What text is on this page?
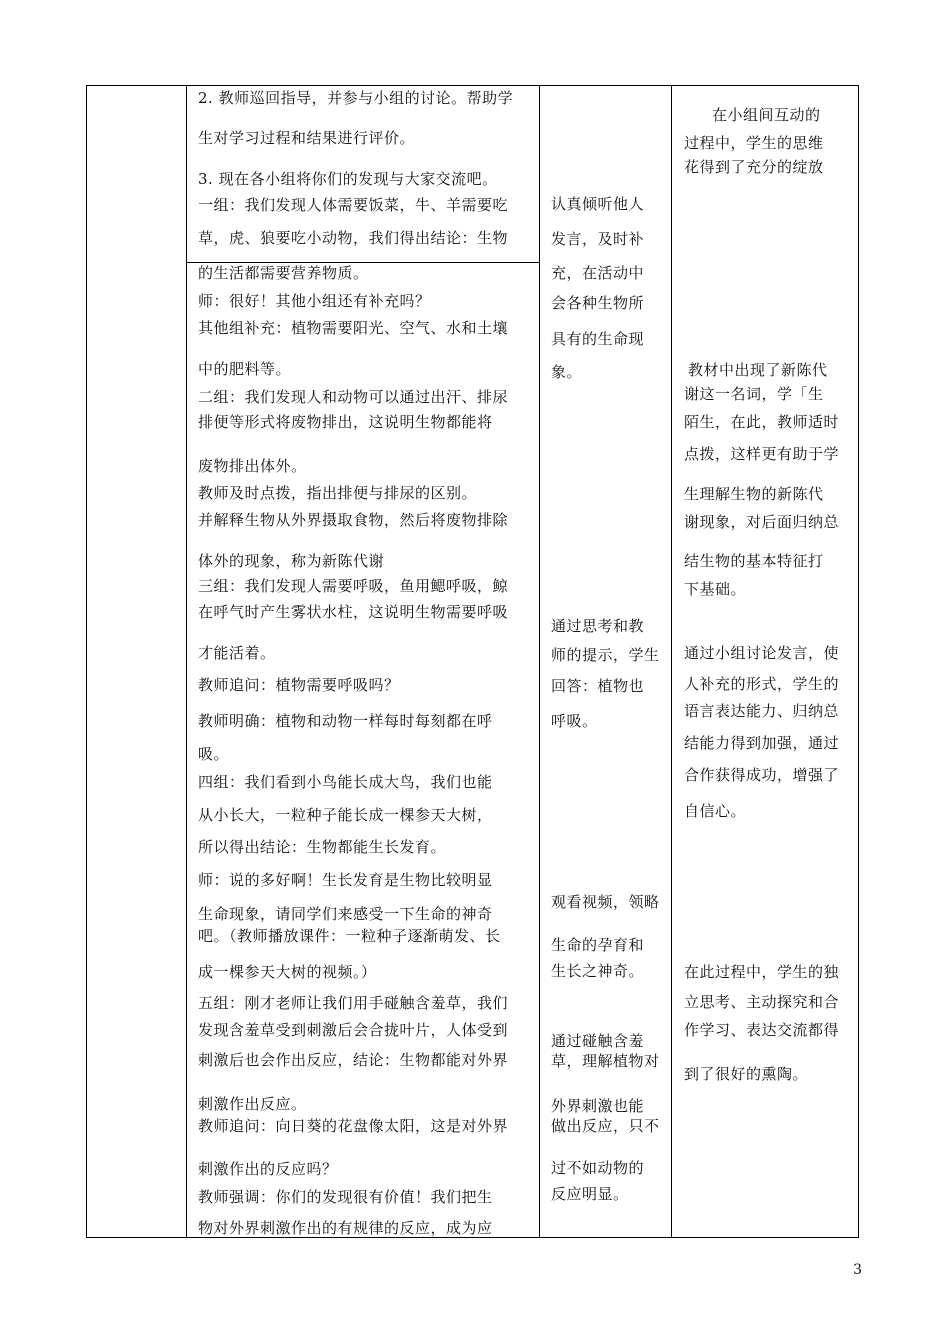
2. 教师巡回指导，并参与小组的讨论。帮助学
生对学习过程和结果进行评价。
3. 现在各小组将你们的发现与大家交流吧。
一组：我们发现人体需要饭菜，牛、羊需要吃
草，虎、狼要吃小动物，我们得出结论：生物
的生活都需要营养物质。
师：很好！其他小组还有补充吗？
其他组补充：植物需要阳光、空气、水和土壤
中的肥料等。
二组：我们发现人和动物可以通过出汗、排尿
排便等形式将废物排出，这说明生物都能将
废物排出体外。
教师及时点拨，指出排便与排尿的区别。
并解释生物从外界摄取食物，然后将废物排除
体外的现象，称为新陈代谢
三组：我们发现人需要呼吸，鱼用鳃呼吸，鲸
在呼气时产生雾状水柱，这说明生物需要呼吸
才能活着。
教师追问：植物需要呼吸吗？
教师明确：植物和动物一样每时每刻都在呼
吸。
四组：我们看到小鸟能长成大鸟，我们也能
从小长大，一粒种子能长成一棵参天大树，
所以得出结论：生物都能生长发育。
师：说的多好啊！生长发育是生物比较明显
生命现象，请同学们来感受一下生命的神奇
吧。（教师播放课件：一粒种子逐渐萌发、长
成一棵参天大树的视频。）
五组：刚才老师让我们用手碰触含羞草，我们
发现含羞草受到刺激后会合拢叶片，人体受到
刺激后也会作出反应，结论：生物都能对外界
刺激作出反应。
教师追问：向日葵的花盘像太阳，这是对外界
刺激作出的反应吗？
教师强调：你们的发现很有价值！我们把生
物对外界刺激作出的有规律的反应，成为应
认真倾听他人
发言，及时补
充，在活动中
会各种生物所
具有的生命现
象。
通过思考和教
师的提示，学生
回答：植物也
呼吸。
观看视频，领略
生命的孕育和
生长之神奇。
通过碰触含羞
草，理解植物对
外界刺激也能
做出反应，只不
过不如动物的
反应明显。
在小组间互动的
过程中，学生的思维
花得到了充分的绽放
教材中出现了新陈代
谢这一名词，学「生
陌生，在此，教师适时
点拨，这样更有助于学
生理解生物的新陈代
谢现象，对后面归纳总
结生物的基本特征打
下基础。
通过小组讨论发言，使
人补充的形式，学生的
语言表达能力、归纳总
结能力得到加强，通过
合作获得成功，增强了
自信心。
在此过程中，学生的独
立思考、主动探究和合
作学习、表达交流都得
到了很好的熏陶。
3
